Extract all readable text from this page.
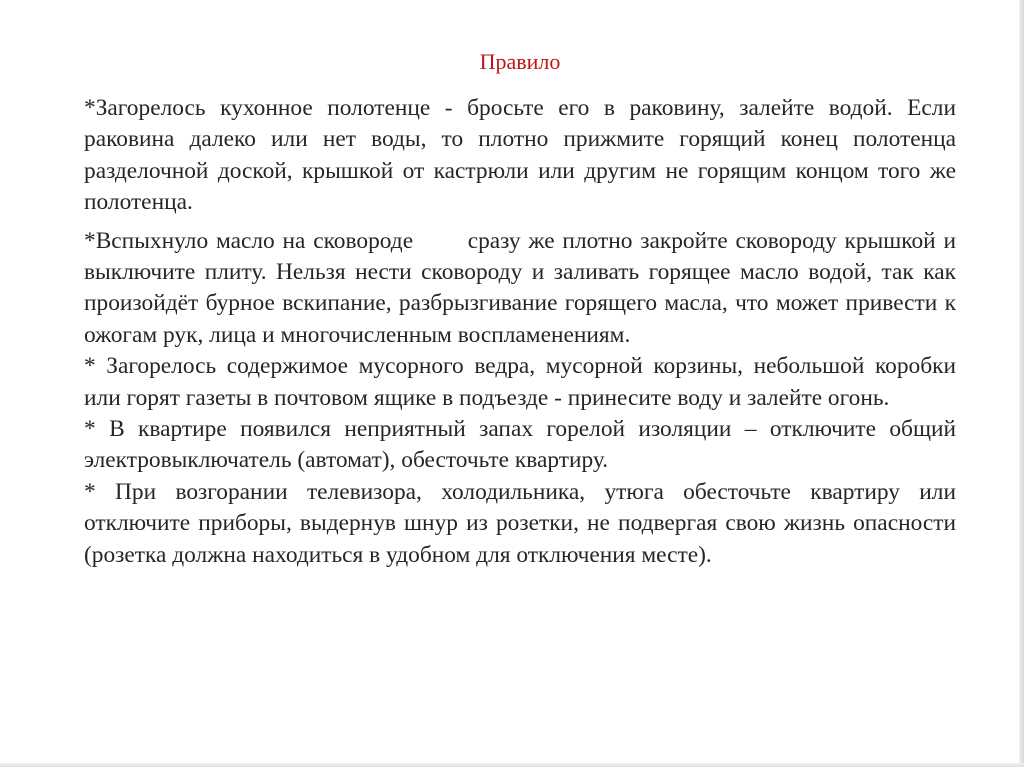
Правило

*Загорелось кухонное полотенце - бросьте его в раковину, залейте водой. Если раковина далеко или нет воды, то плотно прижмите горящий конец полотенца разделочной доской, крышкой от кастрюли или другим не горящим концом того же полотенца.

*Вспыхнуло масло на сковороде       сразу же плотно закройте сковороду крышкой и выключите плиту. Нельзя нести сковороду и заливать горящее масло водой, так как произойдёт бурное вскипание, разбрызгивание горящего масла, что может привести к ожогам рук, лица и многочисленным воспламенениям.

* Загорелось содержимое мусорного ведра, мусорной корзины, небольшой коробки или горят газеты в почтовом ящике в подъезде - принесите воду и залейте огонь.

* В квартире появился неприятный запах горелой изоляции – отключите общий электровыключатель (автомат), обесточьте квартиру.

* При возгорании телевизора, холодильника, утюга обесточьте квартиру или отключите приборы, выдернув шнур из розетки, не подвергая свою жизнь опасности (розетка должна находиться в удобном для отключения месте).
